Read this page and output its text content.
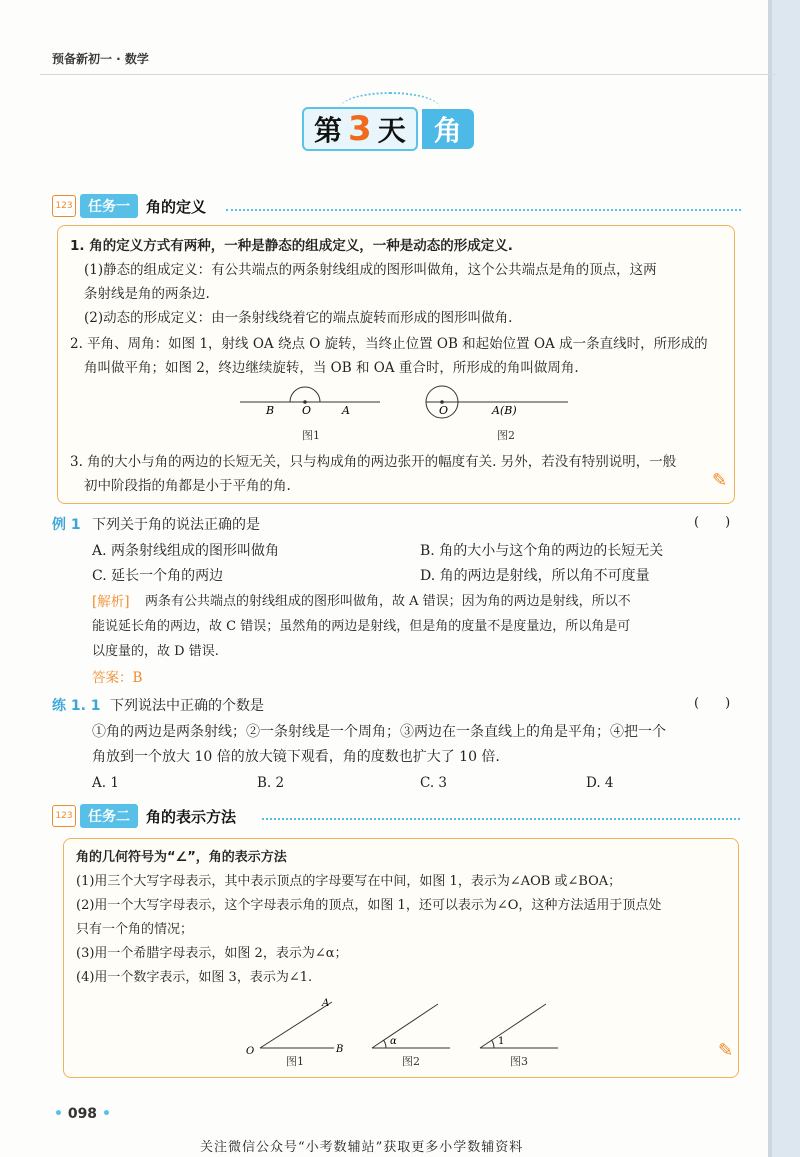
预备新初一 · 数学
第 3 天	角
123	任务一	角的定义
1. 角的定义方式有两种，一种是静态的组成定义，一种是动态的形成定义.
(1)静态的组成定义：有公共端点的两条射线组成的图形叫做角，这个公共端点是角的顶点，这两
条射线是角的两条边.
(2)动态的形成定义：由一条射线绕着它的端点旋转而形成的图形叫做角.
2. 平角、周角：如图 1，射线 OA 绕点 O 旋转，当终止位置 OB 和起始位置 OA 成一条直线时，所形成的
角叫做平角；如图 2，终边继续旋转，当 OB 和 OA 重合时，所形成的角叫做周角.
B	O	A	O	A(B)
图1	图2
3. 角的大小与角的两边的长短无关，只与构成角的两边张开的幅度有关. 另外，若没有特别说明，一般
初中阶段指的角都是小于平角的角.	✎
例 1 下列关于角的说法正确的是	(　　)
A. 两条射线组成的图形叫做角	B. 角的大小与这个角的两边的长短无关
C. 延长一个角的两边	D. 角的两边是射线，所以角不可度量
[解析] 两条有公共端点的射线组成的图形叫做角，故 A 错误；因为角的两边是射线，所以不
能说延长角的两边，故 C 错误；虽然角的两边是射线，但是角的度量不是度量边，所以角是可
以度量的，故 D 错误.
答案：B
练 1. 1 下列说法中正确的个数是	(　　)
①角的两边是两条射线；②一条射线是一个周角；③两边在一条直线上的角是平角；④把一个
角放到一个放大 10 倍的放大镜下观看，角的度数也扩大了 10 倍.
A. 1	B. 2	C. 3	D. 4
123	任务二	角的表示方法
角的几何符号为“∠”，角的表示方法
(1)用三个大写字母表示，其中表示顶点的字母要写在中间，如图 1，表示为∠AOB 或∠BOA；
(2)用一个大写字母表示，这个字母表示角的顶点，如图 1，还可以表示为∠O，这种方法适用于顶点处
只有一个角的情况；
(3)用一个希腊字母表示，如图 2，表示为∠α；
(4)用一个数字表示，如图 3，表示为∠1.
A
O	B
α	1
图1	图2	图3
✎
• 098 •
关注微信公众号“小考数辅站”获取更多小学数辅资料
